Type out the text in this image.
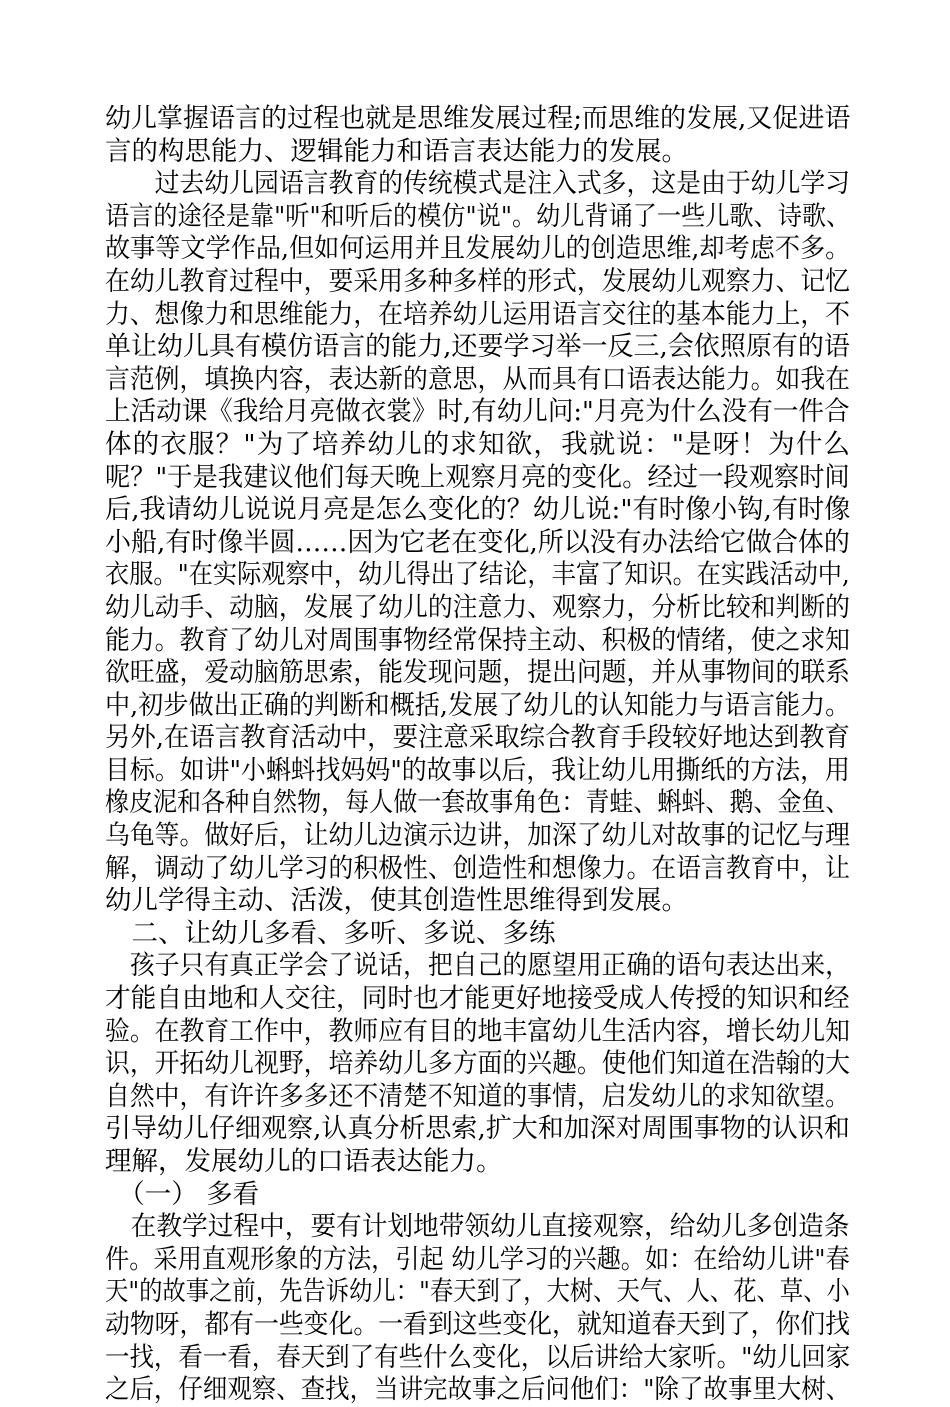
幼儿掌握语言的过程也就是思维发展过程;而思维的发展,又促进语
言的构思能力、逻辑能力和语言表达能力的发展。
　　过去幼儿园语言教育的传统模式是注入式多，这是由于幼儿学习
语言的途径是靠"听"和听后的模仿"说"。幼儿背诵了一些儿歌、诗歌、
故事等文学作品,但如何运用并且发展幼儿的创造思维,却考虑不多。
在幼儿教育过程中，要采用多种多样的形式，发展幼儿观察力、记忆
力、想像力和思维能力，在培养幼儿运用语言交往的基本能力上，不
单让幼儿具有模仿语言的能力,还要学习举一反三,会依照原有的语
言范例，填换内容，表达新的意思，从而具有口语表达能力。如我在
上活动课《我给月亮做衣裳》时,有幼儿问:"月亮为什么没有一件合
体的衣服？"为了培养幼儿的求知欲，我就说："是呀！为什么
呢？"于是我建议他们每天晚上观察月亮的变化。经过一段观察时间
后,我请幼儿说说月亮是怎么变化的？幼儿说:"有时像小钩,有时像
小船,有时像半圆……因为它老在变化,所以没有办法给它做合体的
衣服。"在实际观察中，幼儿得出了结论，丰富了知识。在实践活动中,
幼儿动手、动脑，发展了幼儿的注意力、观察力，分析比较和判断的
能力。教育了幼儿对周围事物经常保持主动、积极的情绪，使之求知
欲旺盛，爱动脑筋思索，能发现问题，提出问题，并从事物间的联系
中,初步做出正确的判断和概括,发展了幼儿的认知能力与语言能力。
另外,在语言教育活动中，要注意采取综合教育手段较好地达到教育
目标。如讲"小蝌蚪找妈妈"的故事以后，我让幼儿用撕纸的方法，用
橡皮泥和各种自然物，每人做一套故事角色：青蛙、蝌蚪、鹅、金鱼、
乌龟等。做好后，让幼儿边演示边讲，加深了幼儿对故事的记忆与理
解，调动了幼儿学习的积极性、创造性和想像力。在语言教育中，让
幼儿学得主动、活泼，使其创造性思维得到发展。
　二、让幼儿多看、多听、多说、多练
　孩子只有真正学会了说话，把自己的愿望用正确的语句表达出来，
才能自由地和人交往，同时也才能更好地接受成人传授的知识和经
验。在教育工作中，教师应有目的地丰富幼儿生活内容，增长幼儿知
识，开拓幼儿视野，培养幼儿多方面的兴趣。使他们知道在浩翰的大
自然中，有许许多多还不清楚不知道的事情，启发幼儿的求知欲望。
引导幼儿仔细观察,认真分析思索,扩大和加深对周围事物的认识和
理解，发展幼儿的口语表达能力。
　（一） 多看
　在教学过程中，要有计划地带领幼儿直接观察，给幼儿多创造条
件。采用直观形象的方法，引起 幼儿学习的兴趣。如：在给幼儿讲"春
天"的故事之前，先告诉幼儿："春天到了，大树、天气、人、花、草、小
动物呀，都有一些变化。一看到这些变化，就知道春天到了，你们找
一找，看一看，春天到了有些什么变化，以后讲给大家听。"幼儿回家
之后，仔细观察、查找，当讲完故事之后问他们："除了故事里大树、
